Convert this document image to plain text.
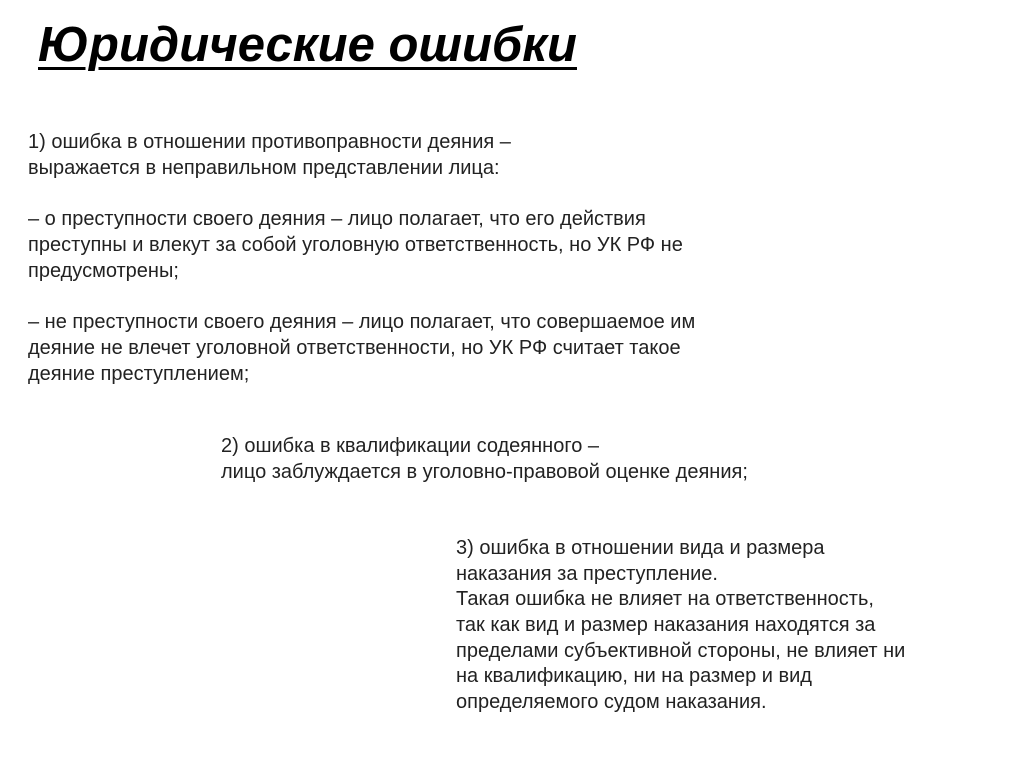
Юридические ошибки
1) ошибка в отношении противоправности деяния –
выражается в неправильном представлении лица:
– о преступности своего деяния – лицо полагает, что его действия
преступны и влекут за собой уголовную ответственность, но УК РФ не
предусмотрены;
– не преступности своего деяния – лицо полагает, что совершаемое им
деяние не влечет уголовной ответственности, но УК РФ считает такое
деяние преступлением;
2) ошибка в квалификации содеянного –
лицо заблуждается в уголовно-правовой оценке деяния;
3) ошибка в отношении вида и размера
наказания за преступление.
Такая ошибка не влияет на ответственность,
так как вид и размер наказания находятся за
пределами субъективной стороны, не влияет ни
на квалификацию, ни на размер и вид
определяемого судом наказания.
